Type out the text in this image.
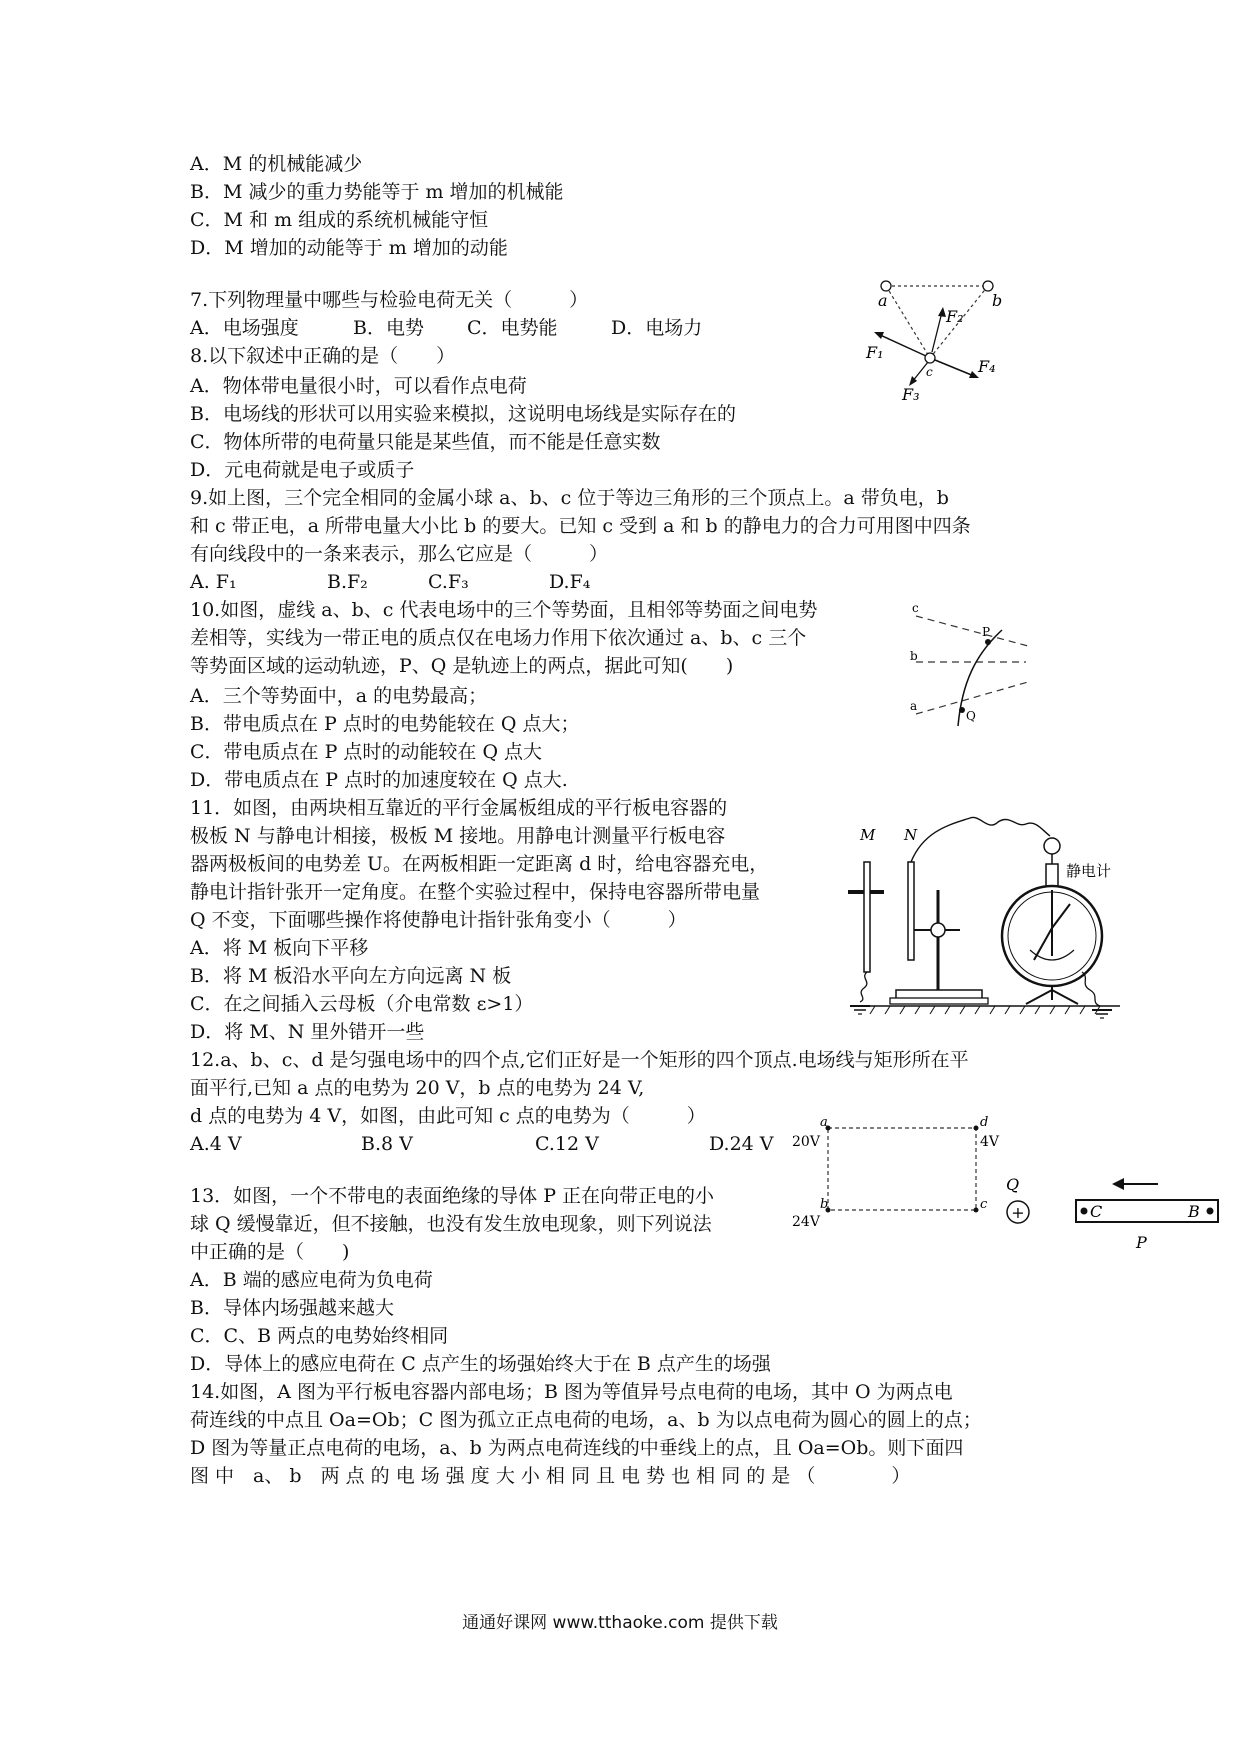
A．M 的机械能减少
B．M 减少的重力势能等于 m 增加的机械能
C．M 和 m 组成的系统机械能守恒
D．M 增加的动能等于 m 增加的动能
7.下列物理量中哪些与检验电荷无关（　　　）
A．电场强度	B．电势 C．电势能	D．电场力
8.以下叙述中正确的是（　　）
A．物体带电量很小时，可以看作点电荷
B．电场线的形状可以用实验来模拟，这说明电场线是实际存在的
C．物体所带的电荷量只能是某些值，而不能是任意实数
D．元电荷就是电子或质子
9.如上图，三个完全相同的金属小球 a、b、c 位于等边三角形的三个顶点上。a 带负电，b
和 c 带正电，a 所带电量大小比 b 的要大。已知 c 受到 a 和 b 的静电力的合力可用图中四条
有向线段中的一条来表示，那么它应是（　　　）
A. F₁	B.F₂	C.F₃	D.F₄
10.如图，虚线 a、b、c 代表电场中的三个等势面，且相邻等势面之间电势
差相等，实线为一带正电的质点仅在电场力作用下依次通过 a、b、c 三个
等势面区域的运动轨迹，P、Q 是轨迹上的两点，据此可知(　　)
A．三个等势面中，a 的电势最高；
B．带电质点在 P 点时的电势能较在 Q 点大；
C．带电质点在 P 点时的动能较在 Q 点大
D．带电质点在 P 点时的加速度较在 Q 点大.
11．如图，由两块相互靠近的平行金属板组成的平行板电容器的
极板 N 与静电计相接，极板 M 接地。用静电计测量平行板电容
器两极板间的电势差 U。在两板相距一定距离 d 时，给电容器充电，
静电计指针张开一定角度。在整个实验过程中，保持电容器所带电量
Q 不变，下面哪些操作将使静电计指针张角变小（　　　）
A．将 M 板向下平移
B．将 M 板沿水平向左方向远离 N 板
C．在之间插入云母板（介电常数 ε>1）
D．将 M、N 里外错开一些
12.a、b、c、d 是匀强电场中的四个点,它们正好是一个矩形的四个顶点.电场线与矩形所在平
面平行,已知 a 点的电势为 20 V，b 点的电势为 24 V,
d 点的电势为 4 V，如图，由此可知 c 点的电势为（　　　）
A.4 V	B.8 V	C.12 V	D.24 V
13．如图，一个不带电的表面绝缘的导体 P 正在向带正电的小
球 Q 缓慢靠近，但不接触，也没有发生放电现象，则下列说法
中正确的是（　　)
A．B 端的感应电荷为负电荷
B．导体内场强越来越大
C．C、B 两点的电势始终相同
D．导体上的感应电荷在 C 点产生的场强始终大于在 B 点产生的场强
14.如图，A 图为平行板电容器内部电场；B 图为等值异号点电荷的电场，其中 O 为两点电
荷连线的中点且 Oa=Ob；C 图为孤立正点电荷的电场，a、b 为以点电荷为圆心的圆上的点；
D 图为等量正点电荷的电场，a、b 为两点电荷连线的中垂线上的点，且 Oa=Ob。则下面四
图 中　a、 b　两 点 的 电 场 强 度 大 小 相 同 且 电 势 也 相 同 的 是 （　　　　）
a	b
c
F₁
F₂
F₃
F₄
c
b
a
P
Q
M N
静电计
a	d
b	c
20V	4V
24V
Q
+	C	B
P
通通好课网 www.tthaoke.com 提供下载
